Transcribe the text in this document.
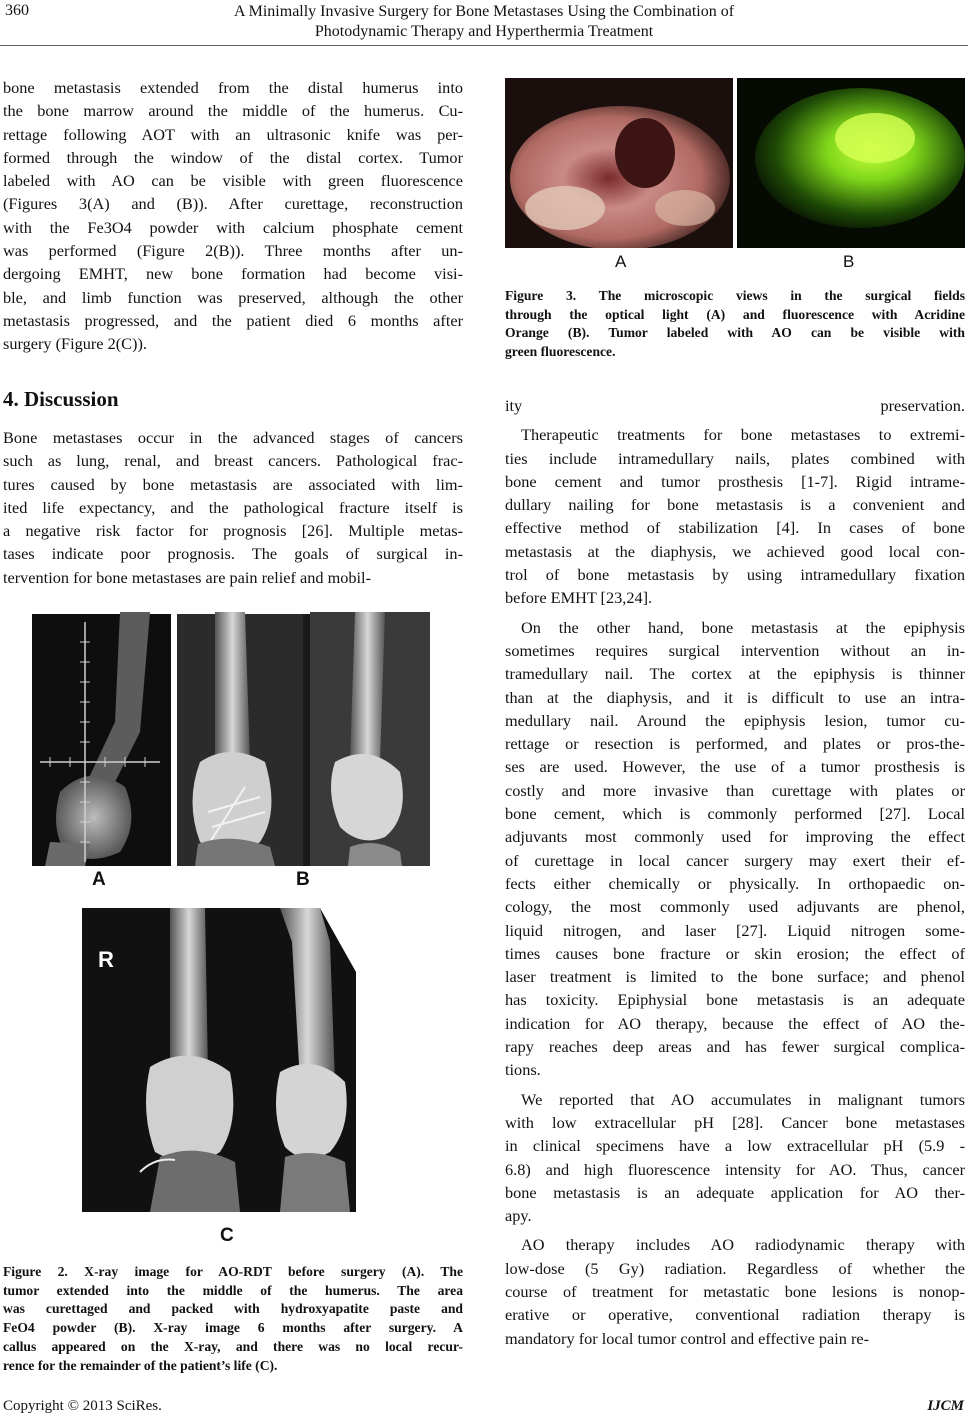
360	A Minimally Invasive Surgery for Bone Metastases Using the Combination of
Photodynamic Therapy and Hyperthermia Treatment

bone metastasis extended from the distal humerus into

the bone marrow around the middle of the humerus. Cu-

rettage following AOT with an ultrasonic knife was per-

formed through the window of the distal cortex. Tumor

labeled with AO can be visible with green fluorescence

(Figures 3(A) and (B)). After curettage, reconstruction

with the Fe3O4 powder with calcium phosphate cement

was performed (Figure 2(B)). Three months after un-

dergoing EMHT, new bone formation had become visi-

ble, and limb function was preserved, although the other

metastasis progressed, and the patient died 6 months after

surgery (Figure 2(C)).

4. Discussion

Bone metastases occur in the advanced stages of cancers

such as lung, renal, and breast cancers. Pathological frac-

tures caused by bone metastasis are associated with lim-

ited life expectancy, and the pathological fracture itself is

a negative risk factor for prognosis [26]. Multiple metas-

tases indicate poor prognosis. The goals of surgical in-

tervention for bone metastases are pain relief and mobil-

R
A	B
C
Figure 2. X-ray image for AO-RDT before surgery (A). The
tumor extended into the middle of the humerus. The area
was curettaged and packed with hydroxyapatite paste and
FeO4 powder (B). X-ray image 6 months after surgery. A
callus appeared on the X-ray, and there was no local recur-
rence for the remainder of the patient’s life (C).
A	B
Figure 3. The microscopic views in the surgical fields
through the optical light (A) and fluorescence with Acridine
Orange (B). Tumor labeled with AO can be visible with
green fluorescence.

ity preservation.

Therapeutic treatments for bone metastases to extremi-

ties include intramedullary nails, plates combined with

bone cement and tumor prosthesis [1-7]. Rigid intrame-

dullary nailing for bone metastasis is a convenient and

effective method of stabilization [4]. In cases of bone

metastasis at the diaphysis, we achieved good local con-

trol of bone metastasis by using intramedullary fixation

before EMHT [23,24].

On the other hand, bone metastasis at the epiphysis

sometimes requires surgical intervention without an in-

tramedullary nail. The cortex at the epiphysis is thinner

than at the diaphysis, and it is difficult to use an intra-

medullary nail. Around the epiphysis lesion, tumor cu-

rettage or resection is performed, and plates or pros-the-

ses are used. However, the use of a tumor prosthesis is

costly and more invasive than curettage with plates or

bone cement, which is commonly performed [27]. Local

adjuvants most commonly used for improving the effect

of curettage in local cancer surgery may exert their ef-

fects either chemically or physically. In orthopaedic on-

cology, the most commonly used adjuvants are phenol,

liquid nitrogen, and laser [27]. Liquid nitrogen some-

times causes bone fracture or skin erosion; the effect of

laser treatment is limited to the bone surface; and phenol

has toxicity. Epiphysial bone metastasis is an adequate

indication for AO therapy, because the effect of AO the-

rapy reaches deep areas and has fewer surgical complica-

tions.

We reported that AO accumulates in malignant tumors

with low extracellular pH [28]. Cancer bone metastases

in clinical specimens have a low extracellular pH (5.9 -

6.8) and high fluorescence intensity for AO. Thus, cancer

bone metastasis is an adequate application for AO ther-

apy.

AO therapy includes AO radiodynamic therapy with

low-dose (5 Gy) radiation. Regardless of whether the

course of treatment for metastatic bone lesions is nonop-

erative or operative, conventional radiation therapy is

mandatory for local tumor control and effective pain re-

Copyright © 2013 SciRes.	IJCM
